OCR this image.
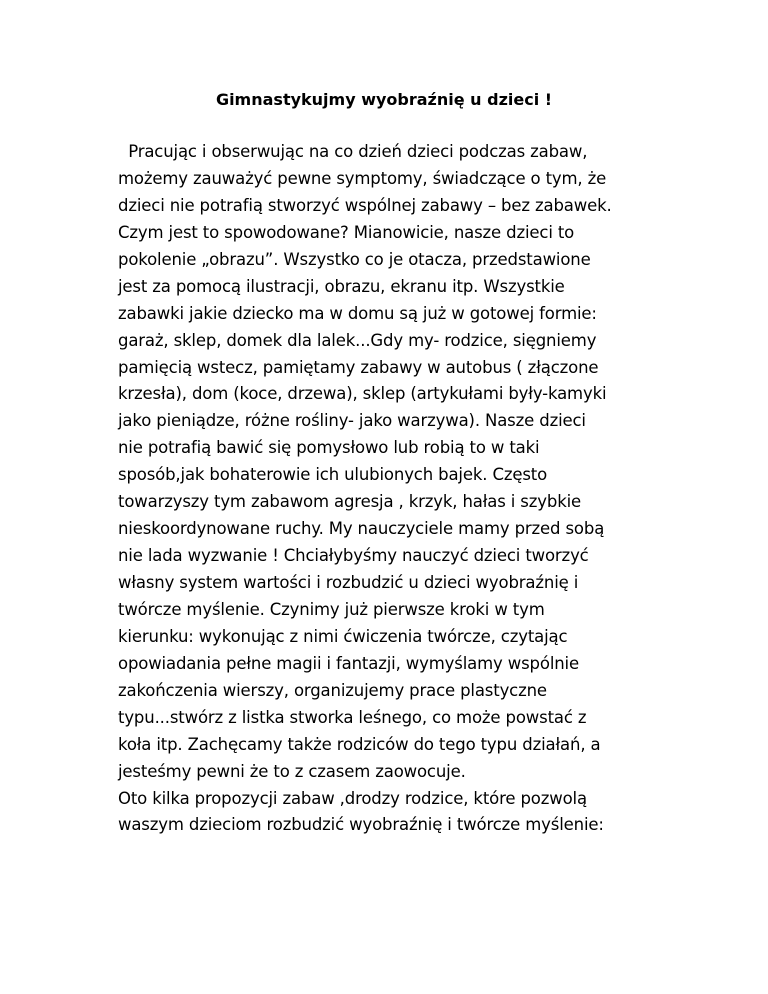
Gimnastykujmy wyobraźnię u dzieci !
Pracując i obserwując na co dzień dzieci podczas zabaw,
możemy zauważyć pewne symptomy, świadczące o tym, że
dzieci nie potrafią stworzyć wspólnej zabawy – bez zabawek.
Czym jest to spowodowane? Mianowicie, nasze dzieci to
pokolenie „obrazu”. Wszystko co je otacza, przedstawione
jest za pomocą ilustracji, obrazu, ekranu itp. Wszystkie
zabawki jakie dziecko ma w domu są już w gotowej formie:
garaż, sklep, domek dla lalek...Gdy my- rodzice, sięgniemy
pamięcią wstecz, pamiętamy zabawy w autobus ( złączone
krzesła), dom (koce, drzewa), sklep (artykułami były-kamyki
jako pieniądze, różne rośliny- jako warzywa). Nasze dzieci
nie potrafią bawić się pomysłowo lub robią to w taki
sposób,jak bohaterowie ich ulubionych bajek. Często
towarzyszy tym zabawom agresja , krzyk, hałas i szybkie
nieskoordynowane ruchy. My nauczyciele mamy przed sobą
nie lada wyzwanie ! Chciałybyśmy nauczyć dzieci tworzyć
własny system wartości i rozbudzić u dzieci wyobraźnię i
twórcze myślenie. Czynimy już pierwsze kroki w tym
kierunku: wykonując z nimi ćwiczenia twórcze, czytając
opowiadania pełne magii i fantazji, wymyślamy wspólnie
zakończenia wierszy, organizujemy prace plastyczne
typu...stwórz z listka stworka leśnego, co może powstać z
koła itp. Zachęcamy także rodziców do tego typu działań, a
jesteśmy pewni że to z czasem zaowocuje.
Oto kilka propozycji zabaw ,drodzy rodzice, które pozwolą
waszym dzieciom rozbudzić wyobraźnię i twórcze myślenie:
